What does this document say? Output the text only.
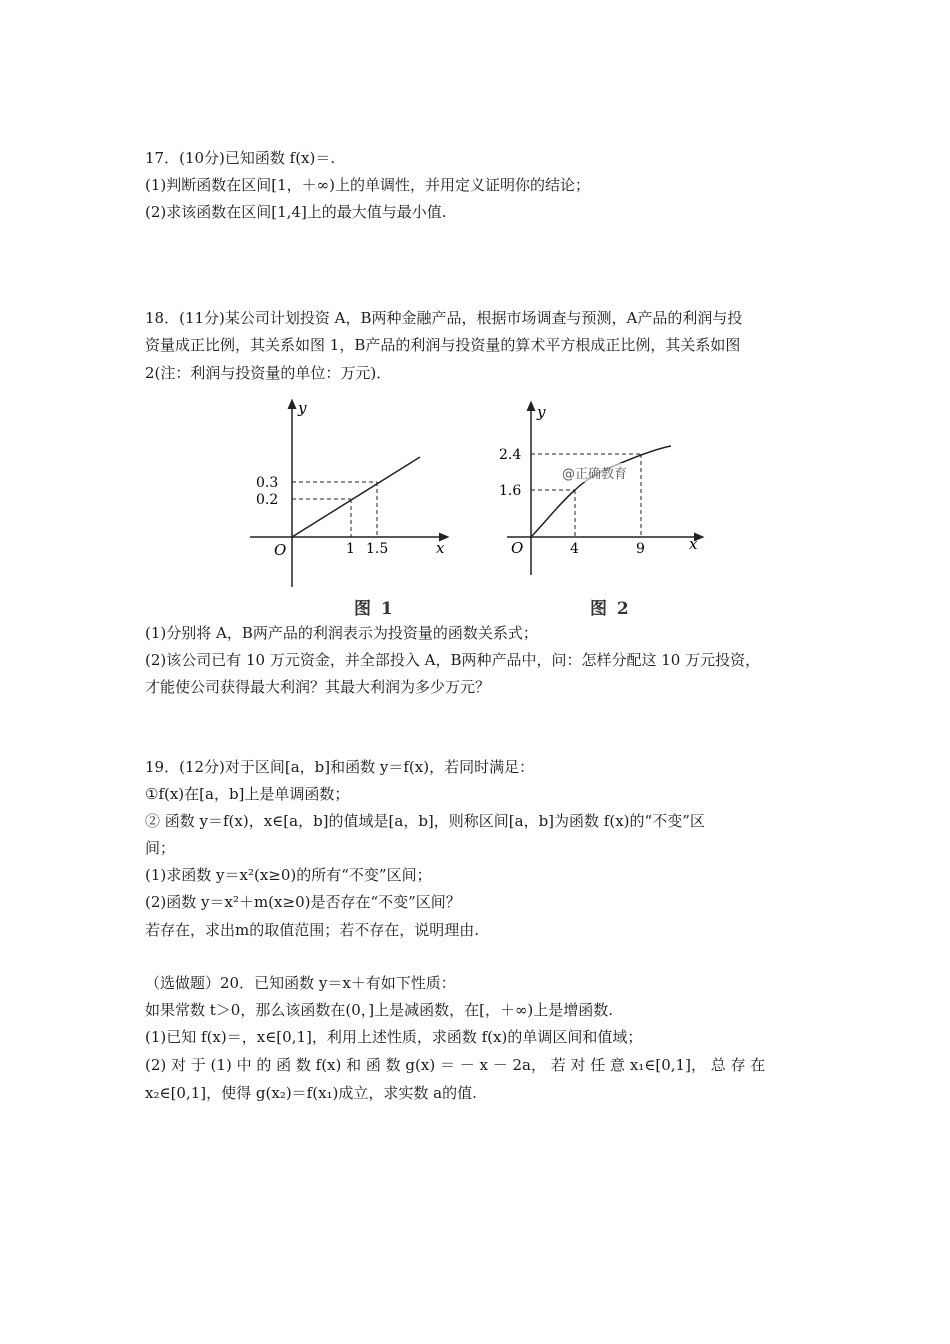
17．(10分)已知函数 f(x)＝.
(1)判断函数在区间[1，＋∞)上的单调性，并用定义证明你的结论；
(2)求该函数在区间[1,4]上的最大值与最小值.
18．(11分)某公司计划投资 A，B两种金融产品，根据市场调查与预测，A产品的利润与投
资量成正比例，其关系如图 1，B产品的利润与投资量的算术平方根成正比例，其关系如图
2(注：利润与投资量的单位：万元)．
y
x
O
0.3
0.2
1 1.5
图 1
y
x
O
2.4
1.6
4	9
@正确教育
图 2
(1)分别将 A，B两产品的利润表示为投资量的函数关系式；
(2)该公司已有 10 万元资金，并全部投入 A，B两种产品中，问：怎样分配这 10 万元投资，
才能使公司获得最大利润？其最大利润为多少万元？
19．(12分)对于区间[a，b]和函数 y＝f(x)，若同时满足：
①f(x)在[a，b]上是单调函数；
② 函数 y＝f(x)，x∈[a，b]的值域是[a，b]，则称区间[a，b]为函数 f(x)的“不变”区
间；
(1)求函数 y＝x²(x≥0)的所有“不变”区间；
(2)函数 y＝x²＋m(x≥0)是否存在“不变”区间？
若存在，求出m的取值范围；若不存在，说明理由.
（选做题）20．已知函数 y＝x＋有如下性质：
如果常数 t＞0，那么该函数在(0，]上是减函数，在[，＋∞)上是增函数.
(1)已知 f(x)＝，x∈[0,1]，利用上述性质，求函数 f(x)的单调区间和值域；
(2) 对 于 (1) 中 的 函 数 f(x) 和 函 数 g(x) ＝ － x － 2a， 若 对 任 意 x₁∈[0,1]， 总 存 在
x₂∈[0,1]，使得 g(x₂)＝f(x₁)成立，求实数 a的值.
